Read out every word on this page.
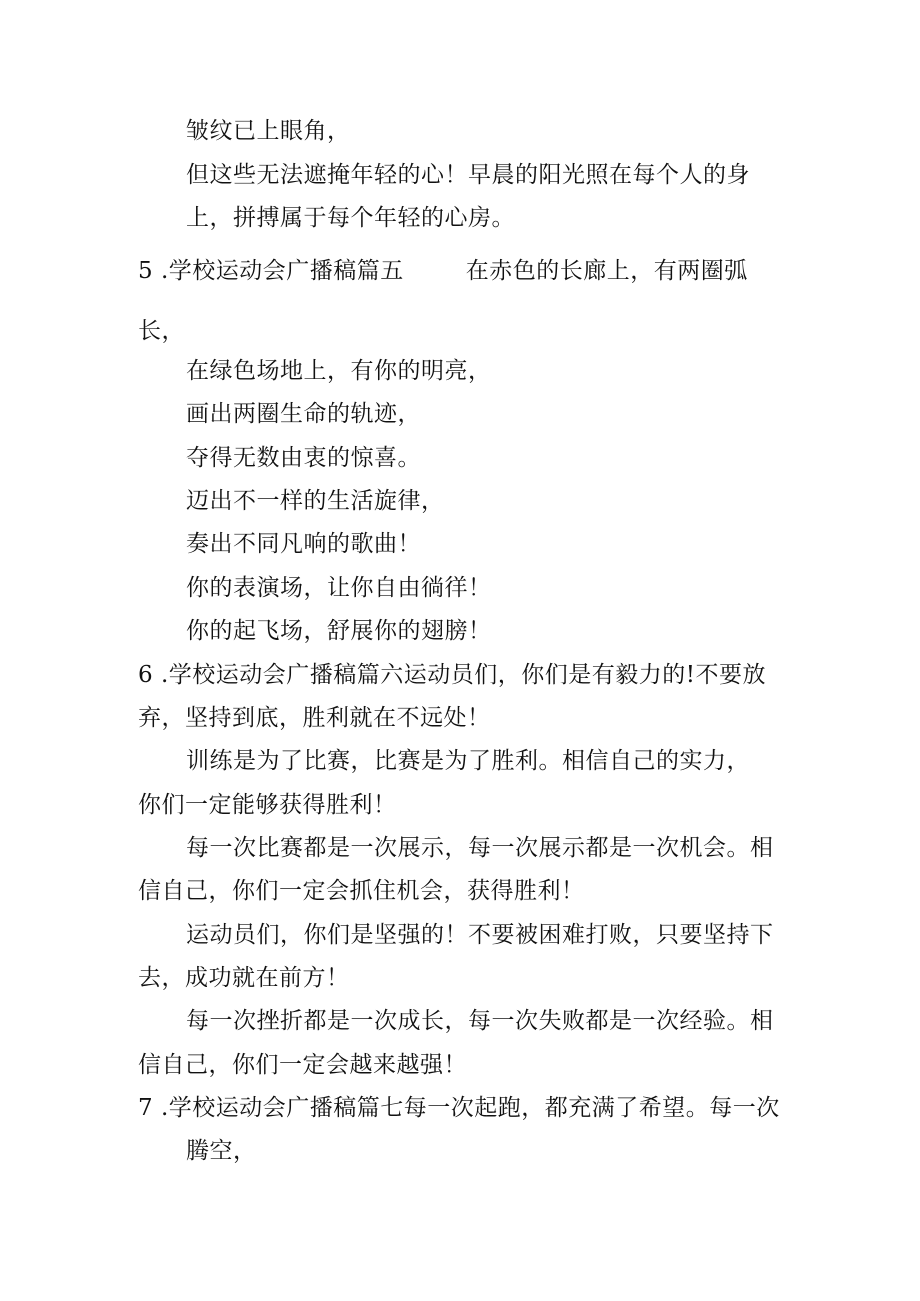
皱纹已上眼角，
但这些无法遮掩年轻的心！早晨的阳光照在每个人的身
上，拼搏属于每个年轻的心房。
5 .学校运动会广播稿篇五	在赤色的长廊上，有两圈弧
长，
在绿色场地上，有你的明亮，
画出两圈生命的轨迹，
夺得无数由衷的惊喜。
迈出不一样的生活旋律，
奏出不同凡响的歌曲！
你的表演场，让你自由徜徉！
你的起飞场，舒展你的翅膀！
6 .学校运动会广播稿篇六运动员们，你们是有毅力的!不要放
弃，坚持到底，胜利就在不远处！
训练是为了比赛，比赛是为了胜利。相信自己的实力，
你们一定能够获得胜利！
每一次比赛都是一次展示，每一次展示都是一次机会。相
信自己，你们一定会抓住机会，获得胜利！
运动员们，你们是坚强的！不要被困难打败，只要坚持下
去，成功就在前方！
每一次挫折都是一次成长，每一次失败都是一次经验。相
信自己，你们一定会越来越强！
7 .学校运动会广播稿篇七每一次起跑，都充满了希望。每一次
腾空，
